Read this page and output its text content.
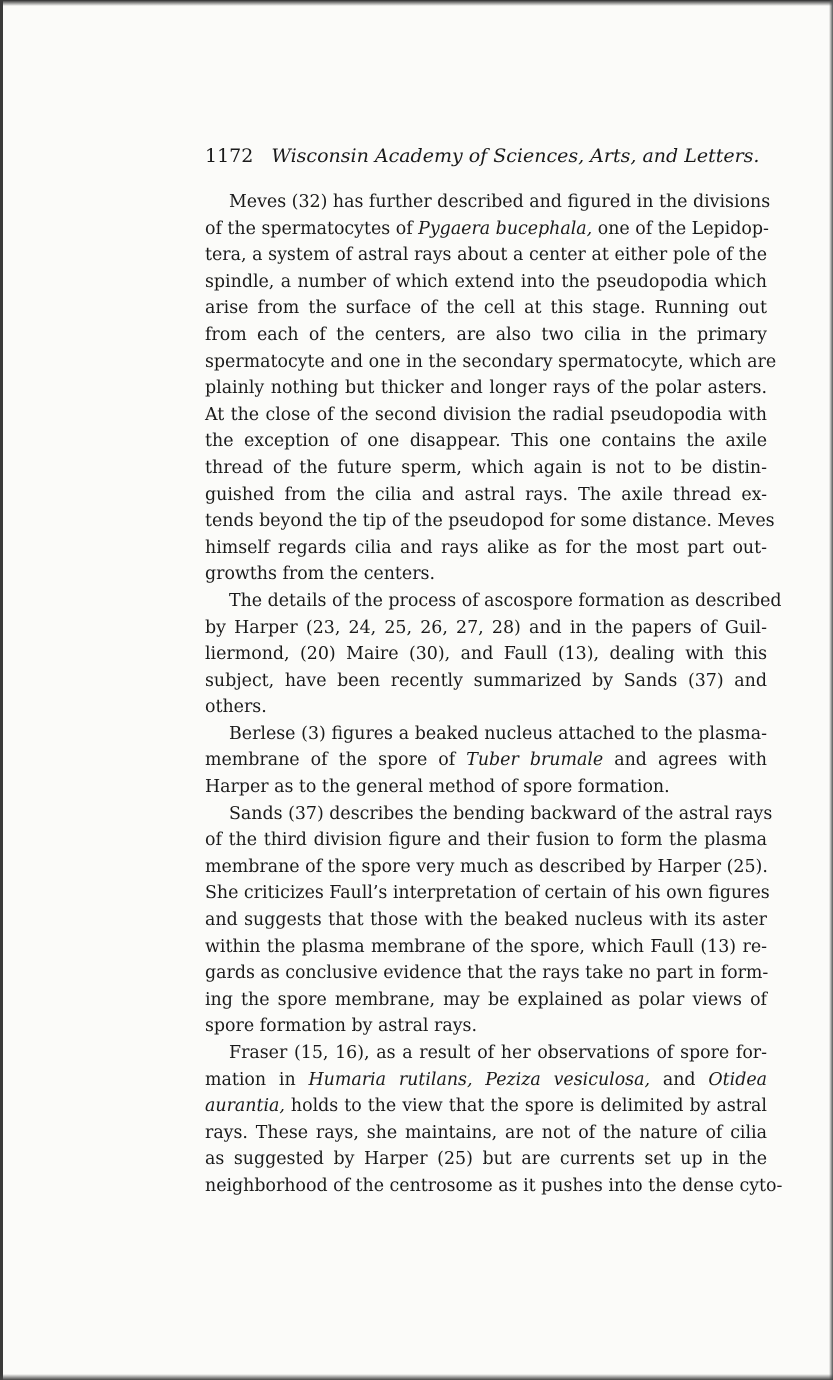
1172 Wisconsin Academy of Sciences, Arts, and Letters.
Meves (32) has further described and figured in the divisions
of the spermatocytes of Pygaera bucephala, one of the Lepidop-
tera, a system of astral rays about a center at either pole of the
spindle, a number of which extend into the pseudopodia which
arise from the surface of the cell at this stage. Running out
from each of the centers, are also two cilia in the primary
spermatocyte and one in the secondary spermatocyte, which are
plainly nothing but thicker and longer rays of the polar asters.
At the close of the second division the radial pseudopodia with
the exception of one disappear. This one contains the axile
thread of the future sperm, which again is not to be distin-
guished from the cilia and astral rays. The axile thread ex-
tends beyond the tip of the pseudopod for some distance. Meves
himself regards cilia and rays alike as for the most part out-
growths from the centers.
The details of the process of ascospore formation as described
by Harper (23, 24, 25, 26, 27, 28) and in the papers of Guil-
liermond, (20) Maire (30), and Faull (13), dealing with this
subject, have been recently summarized by Sands (37) and
others.
Berlese (3) figures a beaked nucleus attached to the plasma-
membrane of the spore of Tuber brumale and agrees with
Harper as to the general method of spore formation.
Sands (37) describes the bending backward of the astral rays
of the third division figure and their fusion to form the plasma
membrane of the spore very much as described by Harper (25).
She criticizes Faull’s interpretation of certain of his own figures
and suggests that those with the beaked nucleus with its aster
within the plasma membrane of the spore, which Faull (13) re-
gards as conclusive evidence that the rays take no part in form-
ing the spore membrane, may be explained as polar views of
spore formation by astral rays.
Fraser (15, 16), as a result of her observations of spore for-
mation in Humaria rutilans, Peziza vesiculosa, and Otidea
aurantia, holds to the view that the spore is delimited by astral
rays. These rays, she maintains, are not of the nature of cilia
as suggested by Harper (25) but are currents set up in the
neighborhood of the centrosome as it pushes into the dense cyto-
